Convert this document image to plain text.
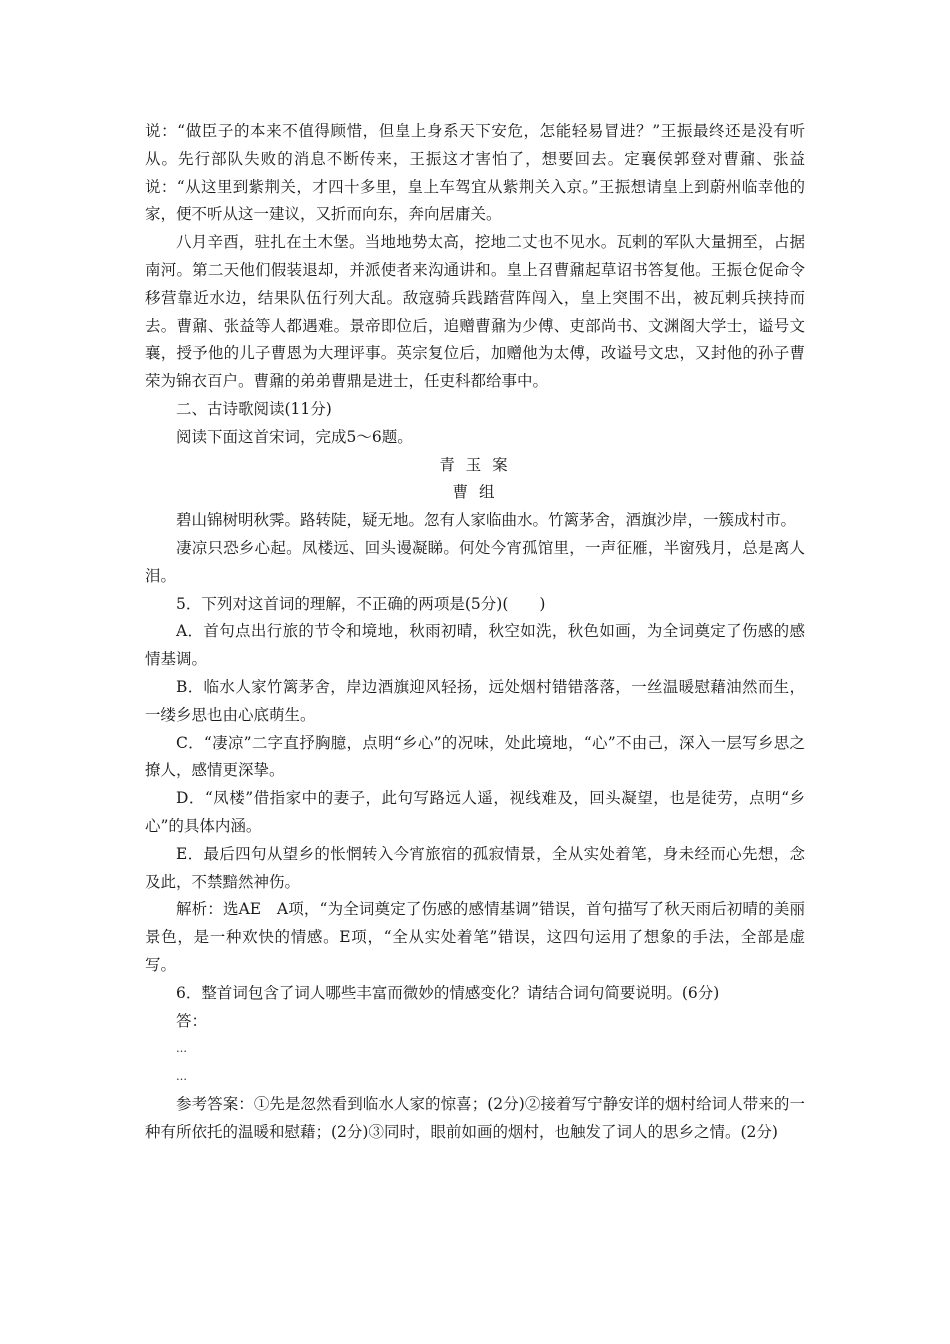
说：“做臣子的本来不值得顾惜，但皇上身系天下安危，怎能轻易冒进？”王振最终还是没有听从。先行部队失败的消息不断传来，王振这才害怕了，想要回去。定襄侯郭登对曹鼐、张益说：“从这里到紫荆关，才四十多里，皇上车驾宜从紫荆关入京。”王振想请皇上到蔚州临幸他的家，便不听从这一建议，又折而向东，奔向居庸关。

八月辛酉，驻扎在土木堡。当地地势太高，挖地二丈也不见水。瓦剌的军队大量拥至，占据南河。第二天他们假装退却，并派使者来沟通讲和。皇上召曹鼐起草诏书答复他。王振仓促命令移营靠近水边，结果队伍行列大乱。敌寇骑兵践踏营阵闯入，皇上突围不出，被瓦剌兵挟持而去。曹鼐、张益等人都遇难。景帝即位后，追赠曹鼐为少傅、吏部尚书、文渊阁大学士，谥号文襄，授予他的儿子曹恩为大理评事。英宗复位后，加赠他为太傅，改谥号文忠，又封他的孙子曹荣为锦衣百户。曹鼐的弟弟曹鼎是进士，任吏科都给事中。

二、古诗歌阅读(11分)

阅读下面这首宋词，完成5～6题。

青 玉 案

曹 组

碧山锦树明秋霁。路转陡，疑无地。忽有人家临曲水。竹篱茅舍，酒旗沙岸，一簇成村市。

凄凉只恐乡心起。凤楼远、回头谩凝睇。何处今宵孤馆里，一声征雁，半窗残月，总是离人泪。

5．下列对这首词的理解，不正确的两项是(5分)(　　)

A．首句点出行旅的节令和境地，秋雨初晴，秋空如洗，秋色如画，为全词奠定了伤感的感情基调。

B．临水人家竹篱茅舍，岸边酒旗迎风轻扬，远处烟村错错落落，一丝温暖慰藉油然而生，一缕乡思也由心底萌生。

C．“凄凉”二字直抒胸臆，点明“乡心”的况味，处此境地，“心”不由己，深入一层写乡思之撩人，感情更深挚。

D．“凤楼”借指家中的妻子，此句写路远人遥，视线难及，回头凝望，也是徒劳，点明“乡心”的具体内涵。

E．最后四句从望乡的怅惘转入今宵旅宿的孤寂情景，全从实处着笔，身未经而心先想，念及此，不禁黯然神伤。

解析：选AE　A项，“为全词奠定了伤感的感情基调”错误，首句描写了秋天雨后初晴的美丽景色，是一种欢快的情感。E项，“全从实处着笔”错误，这四句运用了想象的手法，全部是虚写。

6．整首词包含了词人哪些丰富而微妙的情感变化？请结合词句简要说明。(6分)

答：

…

…

参考答案：①先是忽然看到临水人家的惊喜；(2分)②接着写宁静安详的烟村给词人带来的一种有所依托的温暖和慰藉；(2分)③同时，眼前如画的烟村，也触发了词人的思乡之情。(2分)
